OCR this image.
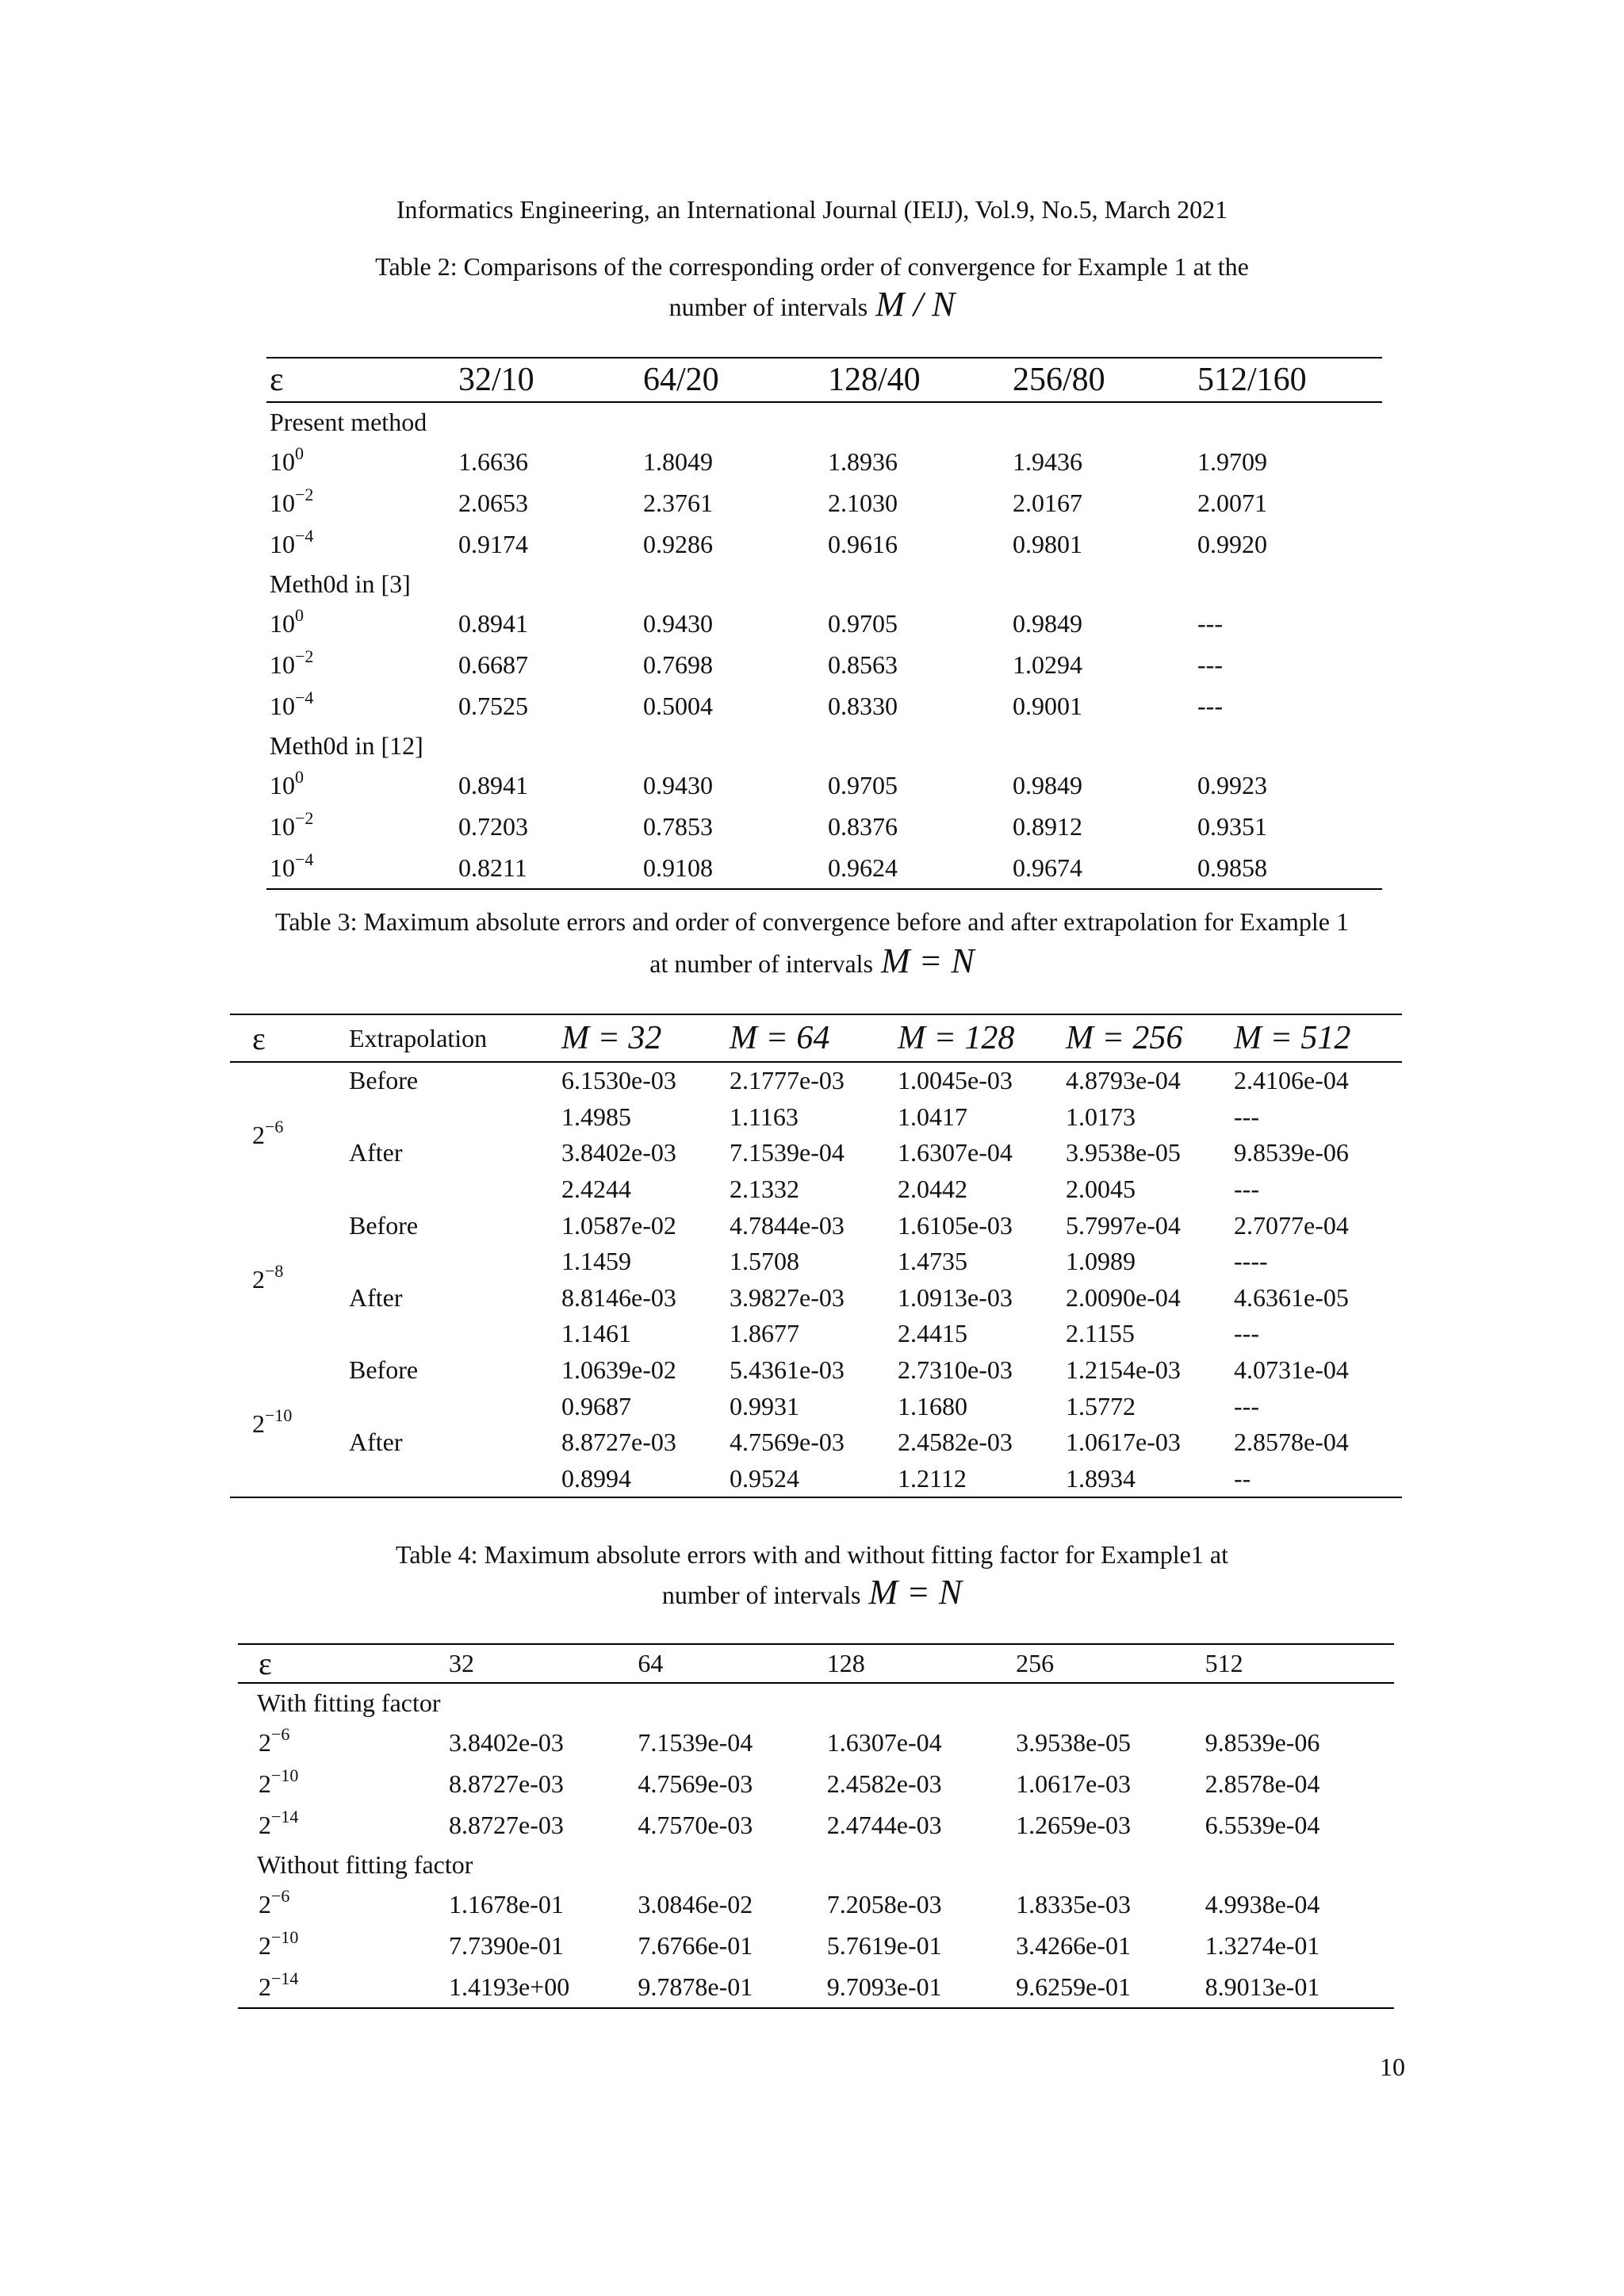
Informatics Engineering, an International Journal (IEIJ), Vol.9, No.5, March 2021
Table 2: Comparisons of the corresponding order of convergence for Example 1 at the
number of intervals M / N
ε	32/10	64/20	128/40	256/80	512/160
Present method					
$10^0$	1.6636	1.8049	1.8936	1.9436	1.9709
$10^{-2}$	2.0653	2.3761	2.1030	2.0167	2.0071
$10^{-4}$	0.9174	0.9286	0.9616	0.9801	0.9920
Meth0d in [3]					
$10^0$	0.8941	0.9430	0.9705	0.9849	---
$10^{-2}$	0.6687	0.7698	0.8563	1.0294	---
$10^{-4}$	0.7525	0.5004	0.8330	0.9001	---
Meth0d in [12]					
$10^0$	0.8941	0.9430	0.9705	0.9849	0.9923
$10^{-2}$	0.7203	0.7853	0.8376	0.8912	0.9351
$10^{-4}$	0.8211	0.9108	0.9624	0.9674	0.9858
Table 3: Maximum absolute errors and order of convergence before and after extrapolation for Example 1
at number of intervals M = N
ε	Extrapolation	M = 32	M = 64	M = 128	M = 256	M = 512
$2^{-6}$	Before	6.1530e-03	2.1777e-03	1.0045e-03	4.8793e-04	2.4106e-04
		1.4985	1.1163	1.0417	1.0173	---
	After	3.8402e-03	7.1539e-04	1.6307e-04	3.9538e-05	9.8539e-06
		2.4244	2.1332	2.0442	2.0045	---
$2^{-8}$	Before	1.0587e-02	4.7844e-03	1.6105e-03	5.7997e-04	2.7077e-04
		1.1459	1.5708	1.4735	1.0989	----
	After	8.8146e-03	3.9827e-03	1.0913e-03	2.0090e-04	4.6361e-05
		1.1461	1.8677	2.4415	2.1155	---
$2^{-10}$	Before	1.0639e-02	5.4361e-03	2.7310e-03	1.2154e-03	4.0731e-04
		0.9687	0.9931	1.1680	1.5772	---
	After	8.8727e-03	4.7569e-03	2.4582e-03	1.0617e-03	2.8578e-04
		0.8994	0.9524	1.2112	1.8934	--
Table 4: Maximum absolute errors with and without fitting factor for Example1 at
number of intervals M = N
ε	32	64	128	256	512
With fitting factor					
$2^{-6}$	3.8402e-03	7.1539e-04	1.6307e-04	3.9538e-05	9.8539e-06
$2^{-10}$	8.8727e-03	4.7569e-03	2.4582e-03	1.0617e-03	2.8578e-04
$2^{-14}$	8.8727e-03	4.7570e-03	2.4744e-03	1.2659e-03	6.5539e-04
Without fitting factor					
$2^{-6}$	1.1678e-01	3.0846e-02	7.2058e-03	1.8335e-03	4.9938e-04
$2^{-10}$	7.7390e-01	7.6766e-01	5.7619e-01	3.4266e-01	1.3274e-01
$2^{-14}$	1.4193e+00	9.7878e-01	9.7093e-01	9.6259e-01	8.9013e-01
10
